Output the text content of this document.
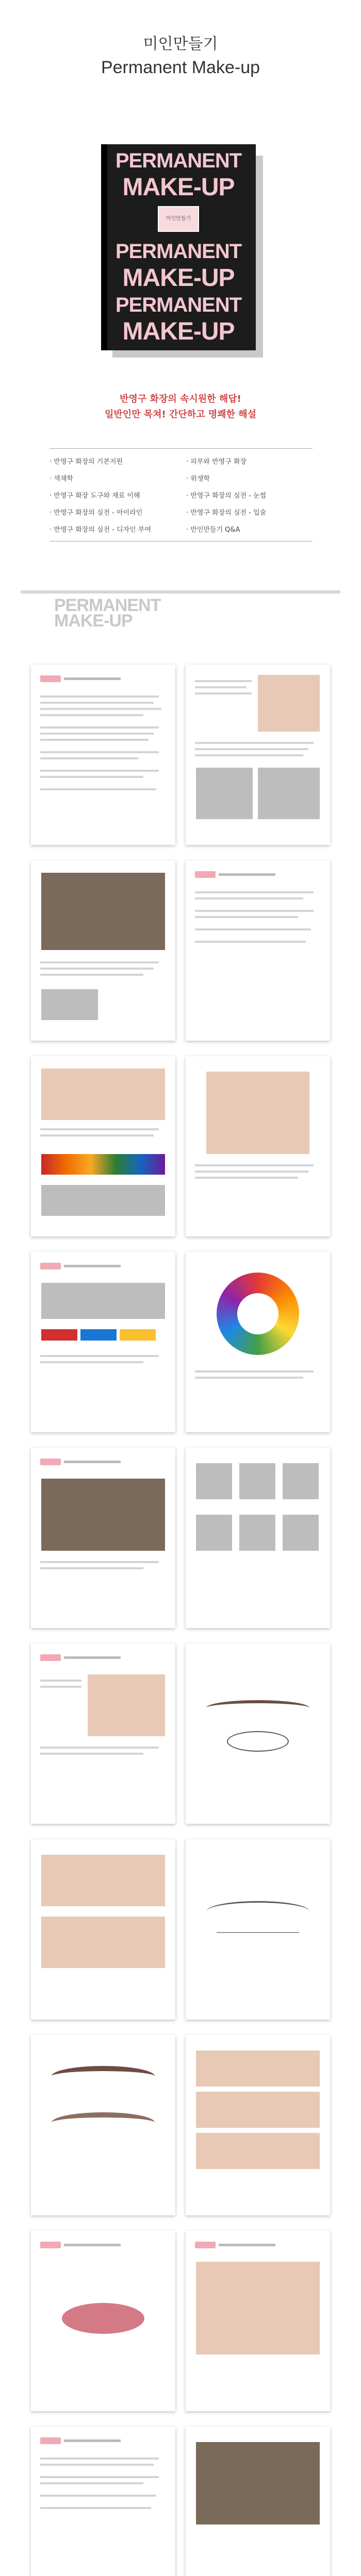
미인만들기
Permanent Make-up
PERMANENT
MAKE-UP
미인만들기
PERMANENT
MAKE-UP
PERMANENT
MAKE-UP
반영구 화장의 속시원한 해답!
일반인만 목쳐! 간단하고 명쾌한 해설
· 반영구 화장의 기본지원	· 피부와 반영구 화장
· 색채학	· 위생학
· 반영구 화장 도구와 재료 이해	· 반영구 화장의 실전 - 눈썹
· 반영구 화장의 실전 - 아이라인	· 반영구 화장의 실전 - 입술
· 반영구 화장의 실전 - 디자인 부여	· 반인만들기 Q&A
PERMANENT
MAKE-UP
